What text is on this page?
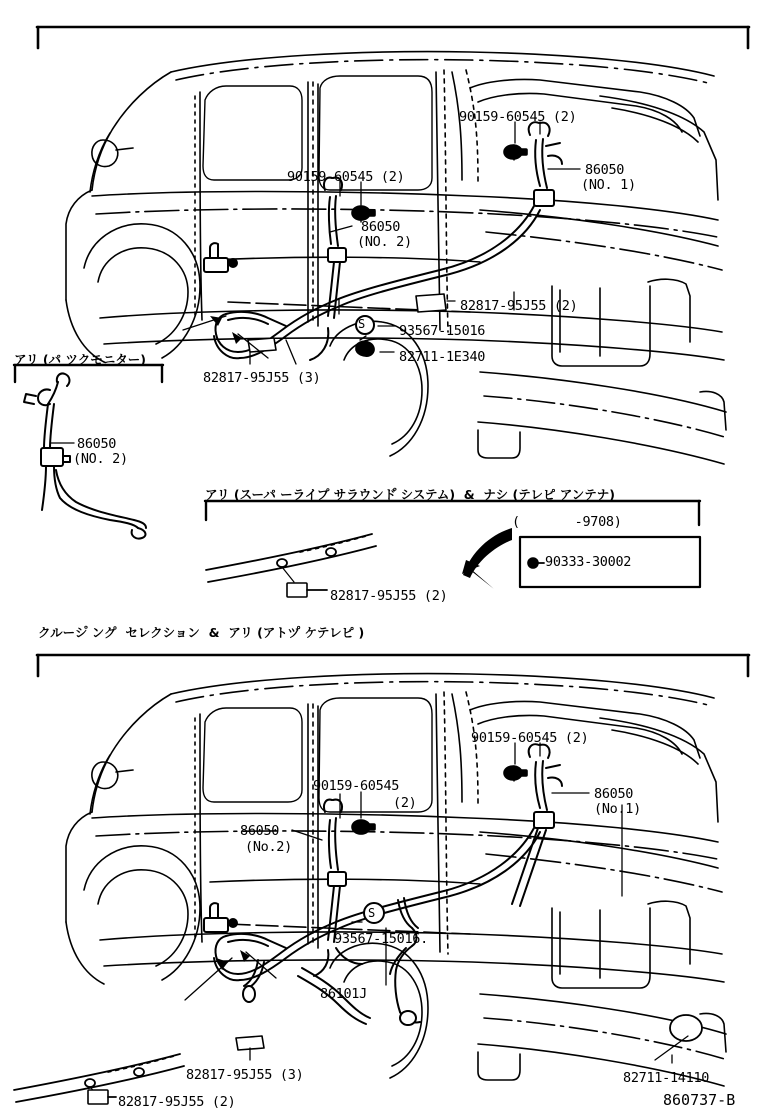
90159-60545 (2)
86050
(NO. 1)
90159-60545 (2)
86050
(NO. 2)
82817-95J55 (2)
93567-15016
82711-1E340
82817-95J55 (3)
S
アリ (パ ツクモニター)
86050
(NO. 2)
アリ (スーパ ーライプ サラウンド゚ システム)  &  ナシ (テレピ アンテナ)
(       -9708)
82817-95J55 (2)
90333-30002
クルーシ゚ ンク゚  セレクション  &  アリ (アトツ゚ ケテレピ )
90159-60545 (2)
86050
(No.1)
90159-60545
(2)
86050
(No.2)
93567-15016.
86101J
82817-95J55 (3)
82817-95J55 (2)
82711-14110
S
860737-B
